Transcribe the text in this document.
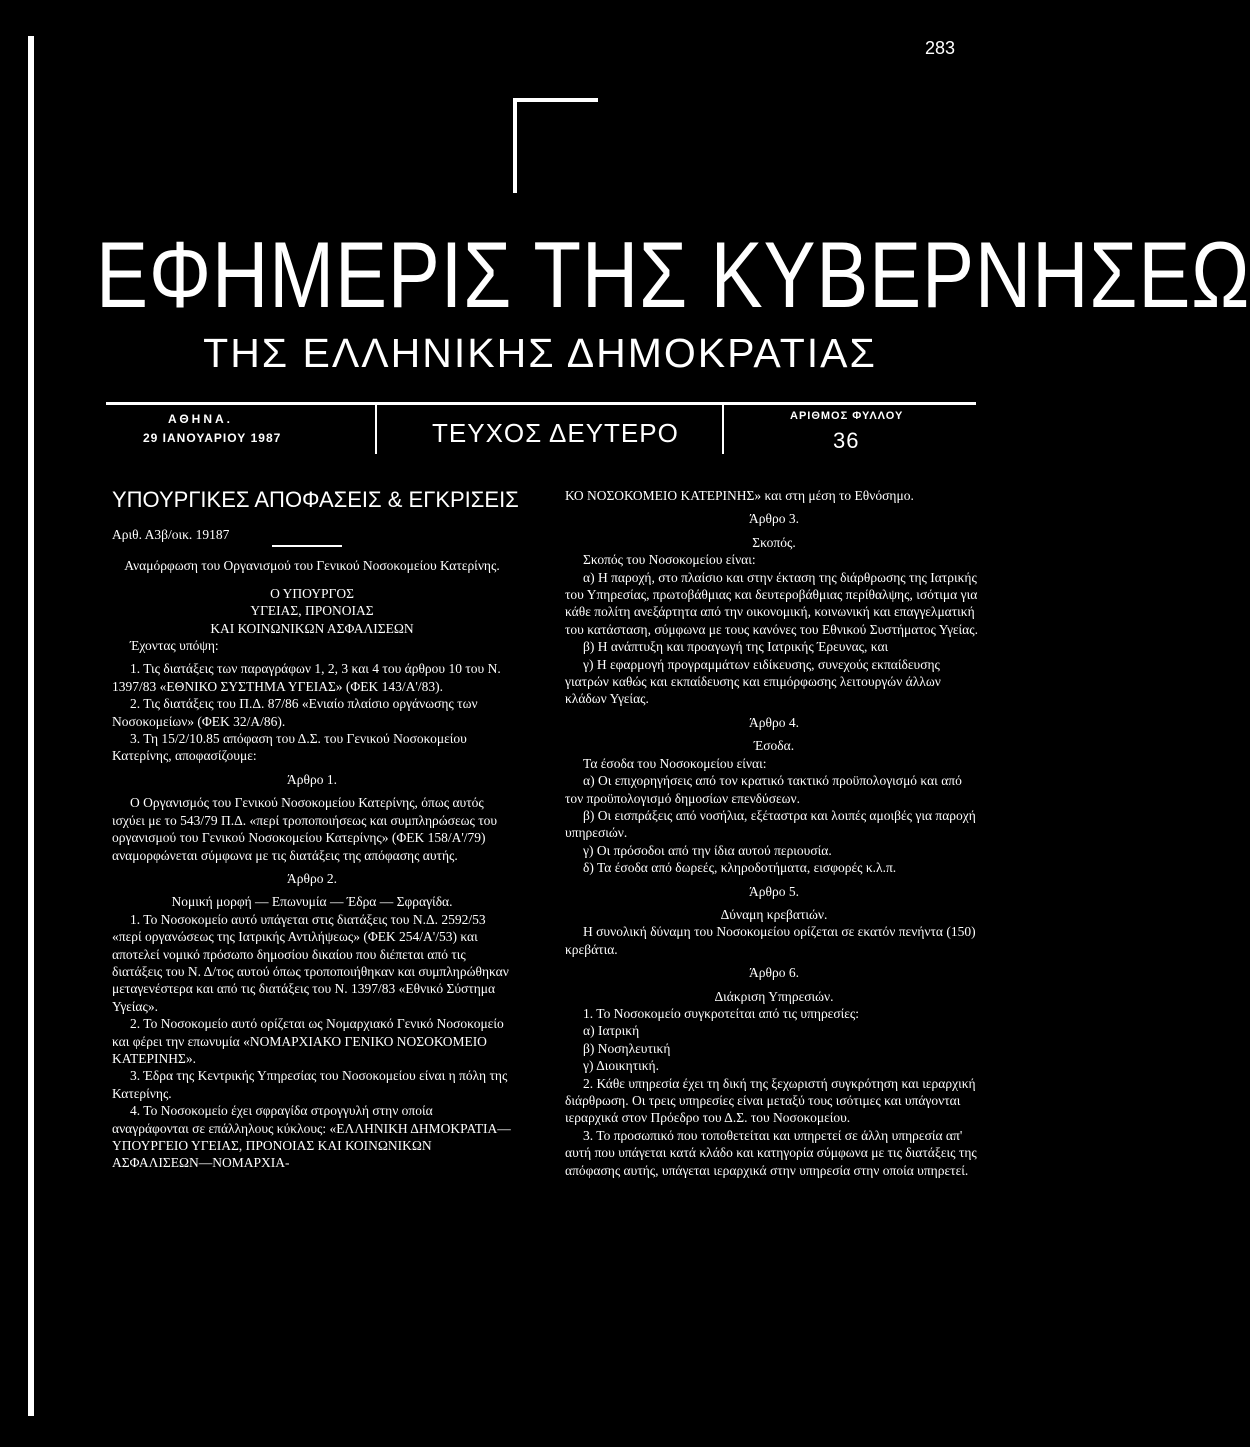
283
ΕΦΗΜΕΡΙΣ ΤΗΣ ΚΥΒΕΡΝΗΣΕΩ
ΤΗΣ ΕΛΛΗΝΙΚΗΣ ΔΗΜΟΚΡΑΤΙΑΣ
ΑΘΗΝΑ.
29 ΙΑΝΟΥΑΡΙΟΥ 1987	ΤΕΥΧΟΣ ΔΕΥΤΕΡΟ
ΑΡΙΘΜΟΣ ΦΥΛΛΟΥ
36
ΥΠΟΥΡΓΙΚΕΣ ΑΠΟΦΑΣΕΙΣ & ΕΓΚΡΙΣΕΙΣ

Αριθ. Α3β/οικ. 19187

Αναμόρφωση του Οργανισμού του Γενικού Νοσοκομείου Κατερίνης.

Ο ΥΠΟΥΡΓΟΣ

ΥΓΕΙΑΣ, ΠΡΟΝΟΙΑΣ

ΚΑΙ ΚΟΙΝΩΝΙΚΩΝ ΑΣΦΑΛΙΣΕΩΝ

Έχοντας υπόψη:

1. Τις διατάξεις των παραγράφων 1, 2, 3 και 4 του άρθρου 10 του Ν. 1397/83 «ΕΘΝΙΚΟ ΣΥΣΤΗΜΑ ΥΓΕΙΑΣ» (ΦΕΚ 143/Α'/83).

2. Τις διατάξεις του Π.Δ. 87/86 «Ενιαίο πλαίσιο οργάνωσης των Νοσοκομείων» (ΦΕΚ 32/Α/86).

3. Τη 15/2/10.85 απόφαση του Δ.Σ. του Γενικού Νοσοκομείου Κατερίνης, αποφασίζουμε:

Άρθρο 1.

Ο Οργανισμός του Γενικού Νοσοκομείου Κατερίνης, όπως αυτός ισχύει με το 543/79 Π.Δ. «περί τροποποιήσεως και συμπληρώσεως του οργανισμού του Γενικού Νοσοκομείου Κατερίνης» (ΦΕΚ 158/Α'/79) αναμορφώνεται σύμφωνα με τις διατάξεις της απόφασης αυτής.

Άρθρο 2.

Νομική μορφή — Επωνυμία — Έδρα — Σφραγίδα.

1. Το Νοσοκομείο αυτό υπάγεται στις διατάξεις του Ν.Δ. 2592/53 «περί οργανώσεως της Ιατρικής Αντιλήψεως» (ΦΕΚ 254/Α'/53) και αποτελεί νομικό πρόσωπο δημοσίου δικαίου που διέπεται από τις διατάξεις του Ν. Δ/τος αυτού όπως τροποποιήθηκαν και συμπληρώθηκαν μεταγενέστερα και από τις διατάξεις του Ν. 1397/83 «Εθνικό Σύστημα Υγείας».

2. Το Νοσοκομείο αυτό ορίζεται ως Νομαρχιακό Γενικό Νοσοκομείο και φέρει την επωνυμία «ΝΟΜΑΡΧΙΑΚΟ ΓΕΝΙΚΟ ΝΟΣΟΚΟΜΕΙΟ ΚΑΤΕΡΙΝΗΣ».

3. Έδρα της Κεντρικής Υπηρεσίας του Νοσοκομείου είναι η πόλη της Κατερίνης.

4. Το Νοσοκομείο έχει σφραγίδα στρογγυλή στην οποία αναγράφονται σε επάλληλους κύκλους: «ΕΛΛΗΝΙΚΗ ΔΗΜΟΚΡΑΤΙΑ—ΥΠΟΥΡΓΕΙΟ ΥΓΕΙΑΣ, ΠΡΟΝΟΙΑΣ ΚΑΙ ΚΟΙΝΩΝΙΚΩΝ ΑΣΦΑΛΙΣΕΩΝ—ΝΟΜΑΡΧΙΑ-

ΚΟ ΝΟΣΟΚΟΜΕΙΟ ΚΑΤΕΡΙΝΗΣ» και στη μέση το Εθνόσημο.

Άρθρο 3.

Σκοπός.

Σκοπός του Νοσοκομείου είναι:

α) Η παροχή, στο πλαίσιο και στην έκταση της διάρθρωσης της Ιατρικής του Υπηρεσίας, πρωτοβάθμιας και δευτεροβάθμιας περίθαλψης, ισότιμα για κάθε πολίτη ανεξάρτητα από την οικονομική, κοινωνική και επαγγελματική του κατάσταση, σύμφωνα με τους κανόνες του Εθνικού Συστήματος Υγείας.

β) Η ανάπτυξη και προαγωγή της Ιατρικής Έρευνας, και

γ) Η εφαρμογή προγραμμάτων ειδίκευσης, συνεχούς εκπαίδευσης γιατρών καθώς και εκπαίδευσης και επιμόρφωσης λειτουργών άλλων κλάδων Υγείας.

Άρθρο 4.

Έσοδα.

Τα έσοδα του Νοσοκομείου είναι:

α) Οι επιχορηγήσεις από τον κρατικό τακτικό προϋπολογισμό και από τον προϋπολογισμό δημοσίων επενδύσεων.

β) Οι εισπράξεις από νοσήλια, εξέταστρα και λοιπές αμοιβές για παροχή υπηρεσιών.

γ) Οι πρόσοδοι από την ίδια αυτού περιουσία.

δ) Τα έσοδα από δωρεές, κληροδοτήματα, εισφορές κ.λ.π.

Άρθρο 5.

Δύναμη κρεβατιών.

Η συνολική δύναμη του Νοσοκομείου ορίζεται σε εκατόν πενήντα (150) κρεβάτια.

Άρθρο 6.

Διάκριση Υπηρεσιών.

1. Το Νοσοκομείο συγκροτείται από τις υπηρεσίες:

α) Ιατρική

β) Νοσηλευτική

γ) Διοικητική.

2. Κάθε υπηρεσία έχει τη δική της ξεχωριστή συγκρότηση και ιεραρχική διάρθρωση. Οι τρεις υπηρεσίες είναι μεταξύ τους ισότιμες και υπάγονται ιεραρχικά στον Πρόεδρο του Δ.Σ. του Νοσοκομείου.

3. Το προσωπικό που τοποθετείται και υπηρετεί σε άλλη υπηρεσία απ' αυτή που υπάγεται κατά κλάδο και κατηγορία σύμφωνα με τις διατάξεις της απόφασης αυτής, υπάγεται ιεραρχικά στην υπηρεσία στην οποία υπηρετεί.
